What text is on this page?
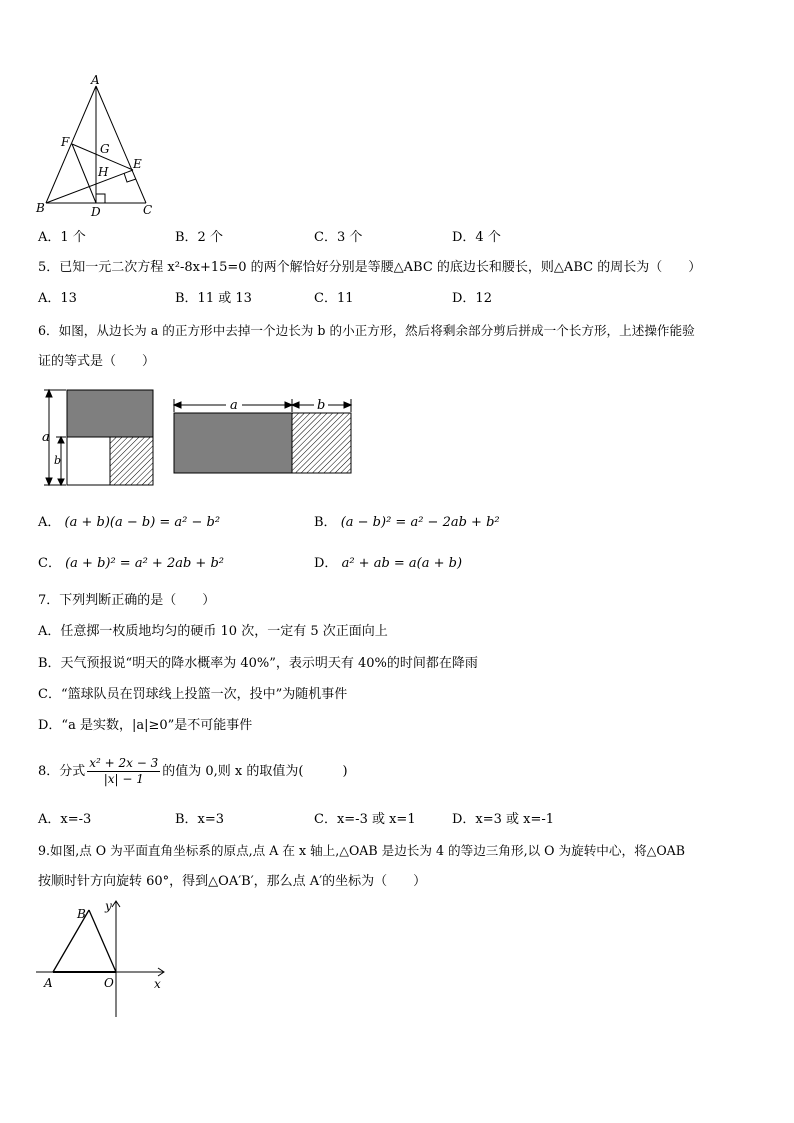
A
B	C
D
E
F	G
H
A．1 个	B．2 个	C．3 个	D．4 个
5．已知一元二次方程 x²-8x+15=0 的两个解恰好分别是等腰△ABC 的底边长和腰长，则△ABC 的周长为（　　）
A．13	B．11 或 13	C．11	D．12
6．如图，从边长为 a 的正方形中去掉一个边长为 b 的小正方形，然后将剩余部分剪后拼成一个长方形，上述操作能验
证的等式是（　　）
a
b
a	b
A． (a + b)(a − b) = a² − b²	B． (a − b)² = a² − 2ab + b²
C． (a + b)² = a² + 2ab + b²	D． a² + ab = a(a + b)
7．下列判断正确的是（　　）
A．任意掷一枚质地均匀的硬币 10 次，一定有 5 次正面向上
B．天气预报说“明天的降水概率为 40%”，表示明天有 40%的时间都在降雨
C．“篮球队员在罚球线上投篮一次，投中”为随机事件
D．“a 是实数，|a|≥0”是不可能事件
8．分式 $\frac{\text{x² + 2x − 3}}{|x| - 1}$ 的值为 0,则 x 的取值为(　　　)
A．x=-3	B．x=3	C．x=-3 或 x=1	D．x=3 或 x=-1
9.如图,点 O 为平面直角坐标系的原点,点 A 在 x 轴上,△OAB 是边长为 4 的等边三角形,以 O 为旋转中心，将△OAB
按顺时针方向旋转 60°，得到△OA′B′，那么点 A′的坐标为（　　）
B
y
A	O	x
